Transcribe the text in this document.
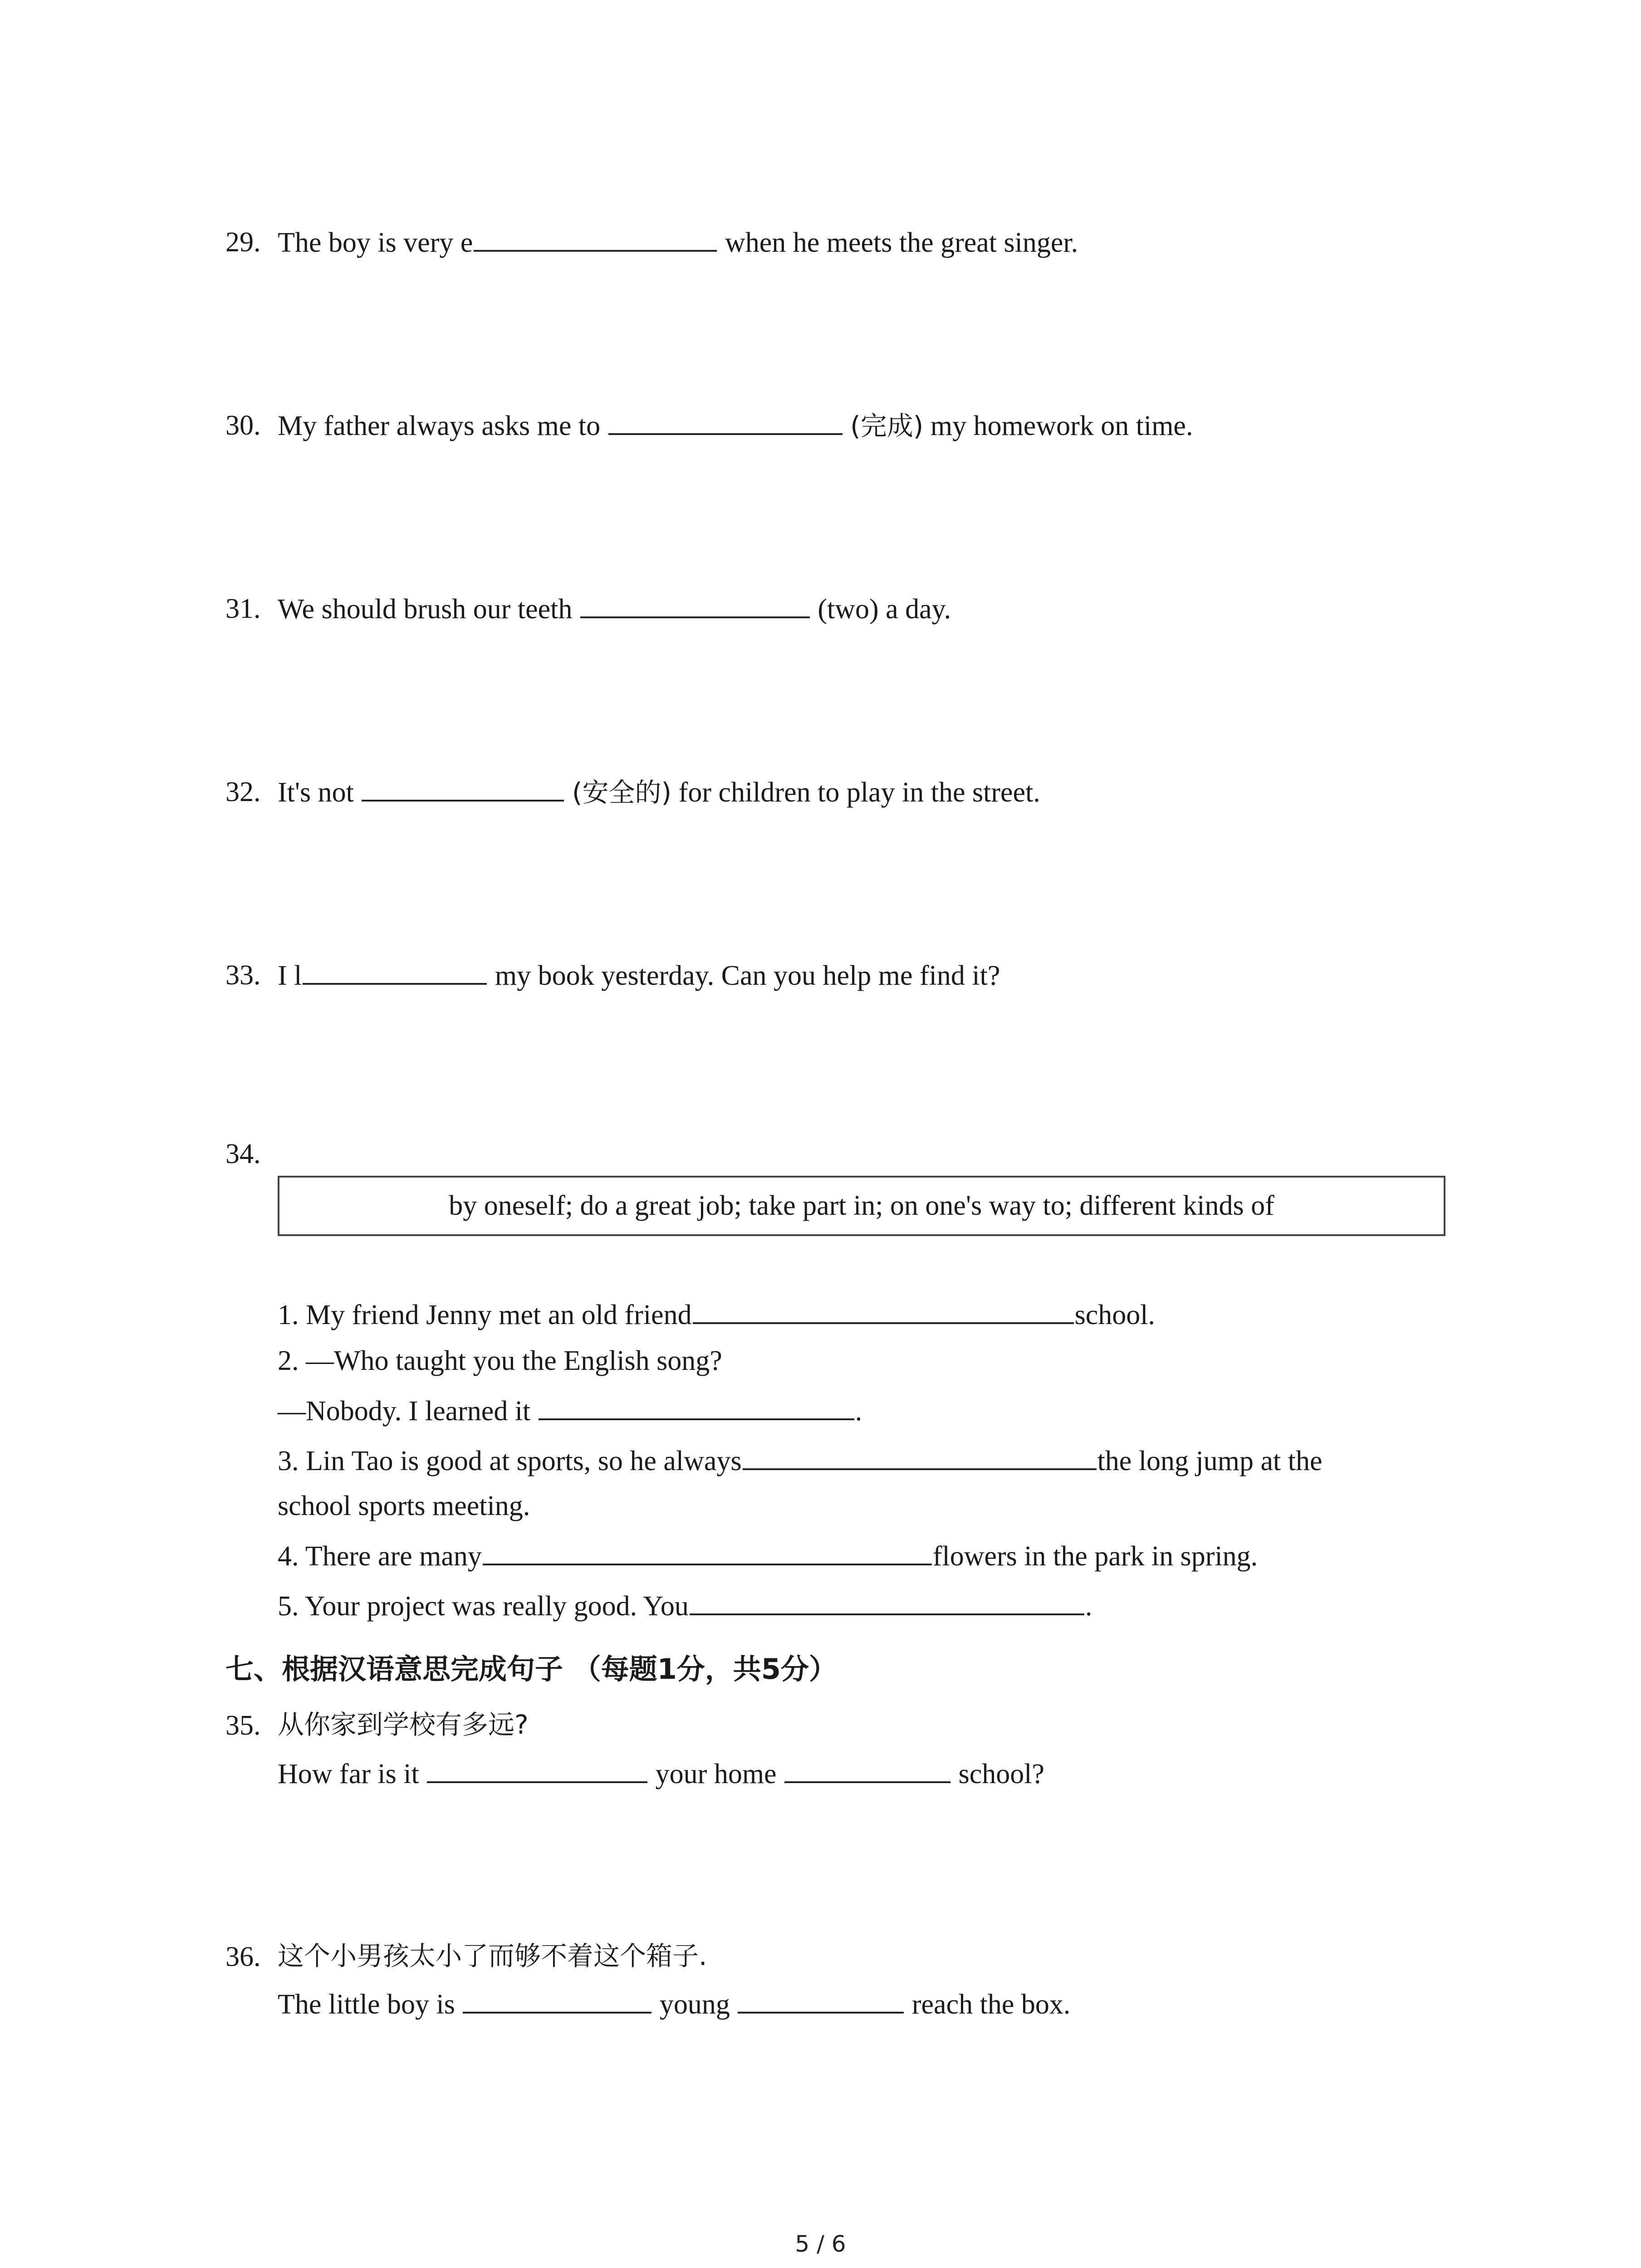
29. The boy is very e	when he meets the great singer.
30. My father always asks me to	(完成) my homework on time.
31. We should brush our teeth	(two) a day.
32. It's not	(安全的) for children to play in the street.
33. I l	my book yesterday. Can you help me find it?
34.
by oneself; do a great job; take part in; on one's way to; different kinds of
1. My friend Jenny met an old friend	school.
2. —Who taught you the English song?
—Nobody. I learned it	.
3. Lin Tao is good at sports, so he always	the long jump at the
school sports meeting.
4. There are many	flowers in the park in spring.
5. Your project was really good. You	.
七、根据汉语意思完成句子 （每题1分，共5分）
35. 从你家到学校有多远?
How far is it	your home	school?
36. 这个小男孩太小了而够不着这个箱子.
The little boy is	young	reach the box.
5 / 6
